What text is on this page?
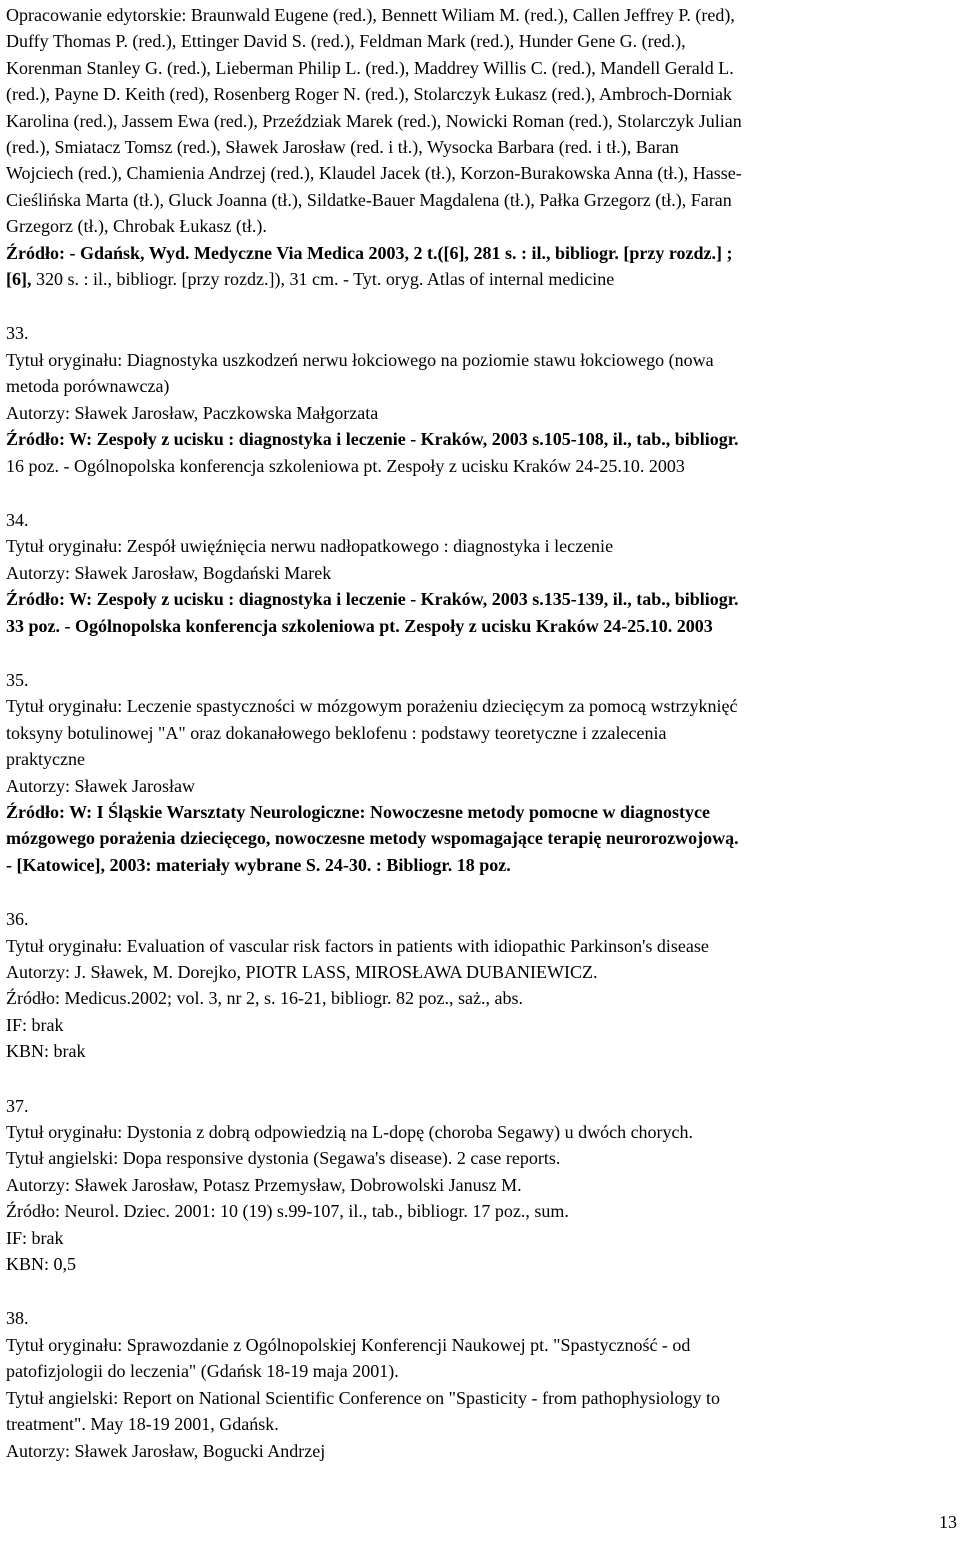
Opracowanie edytorskie: Braunwald Eugene (red.), Bennett Wiliam M. (red.), Callen Jeffrey P. (red),
Duffy Thomas P. (red.), Ettinger David S. (red.), Feldman Mark (red.), Hunder Gene G. (red.),
Korenman Stanley G. (red.), Lieberman Philip L. (red.), Maddrey Willis C. (red.), Mandell Gerald L.
(red.), Payne D. Keith (red), Rosenberg Roger N. (red.), Stolarczyk Łukasz (red.), Ambroch-Dorniak
Karolina (red.), Jassem Ewa (red.), Przeździak Marek (red.), Nowicki Roman (red.), Stolarczyk Julian
(red.), Smiatacz Tomsz (red.), Sławek Jarosław (red. i tł.), Wysocka Barbara (red. i tł.), Baran
Wojciech (red.), Chamienia Andrzej (red.), Klaudel Jacek (tł.), Korzon-Burakowska Anna (tł.), Hasse-
Cieślińska Marta (tł.), Gluck Joanna (tł.), Sildatke-Bauer Magdalena (tł.), Pałka Grzegorz (tł.), Faran
Grzegorz (tł.), Chrobak Łukasz (tł.).
Źródło: - Gdańsk, Wyd. Medyczne Via Medica 2003, 2 t.([6], 281 s. : il., bibliogr. [przy rozdz.] ;
[6], 320 s. : il., bibliogr. [przy rozdz.]), 31 cm. - Tyt. oryg. Atlas of internal medicine
33.
Tytuł oryginału: Diagnostyka uszkodzeń nerwu łokciowego na poziomie stawu łokciowego (nowa
metoda porównawcza)
Autorzy: Sławek Jarosław, Paczkowska Małgorzata
Źródło: W: Zespoły z ucisku : diagnostyka i leczenie - Kraków, 2003 s.105-108, il., tab., bibliogr.
16 poz. - Ogólnopolska konferencja szkoleniowa pt. Zespoły z ucisku Kraków 24-25.10. 2003
34.
Tytuł oryginału: Zespół uwięźnięcia nerwu nadłopatkowego : diagnostyka i leczenie
Autorzy: Sławek Jarosław, Bogdański Marek
Źródło: W: Zespoły z ucisku : diagnostyka i leczenie - Kraków, 2003 s.135-139, il., tab., bibliogr.
33 poz. - Ogólnopolska konferencja szkoleniowa pt. Zespoły z ucisku Kraków 24-25.10. 2003
35.
Tytuł oryginału: Leczenie spastyczności w mózgowym porażeniu dziecięcym za pomocą wstrzyknięć
toksyny botulinowej "A" oraz dokanałowego beklofenu : podstawy teoretyczne i zzalecenia
praktyczne
Autorzy: Sławek Jarosław
Źródło: W: I Śląskie Warsztaty Neurologiczne: Nowoczesne metody pomocne w diagnostyce
mózgowego porażenia dziecięcego, nowoczesne metody wspomagające terapię neurorozwojową.
- [Katowice], 2003: materiały wybrane S. 24-30. : Bibliogr. 18 poz.
36.
Tytuł oryginału: Evaluation of vascular risk factors in patients with idiopathic Parkinson's disease
Autorzy: J. Sławek, M. Dorejko, PIOTR LASS, MIROSŁAWA DUBANIEWICZ.
Źródło: Medicus.2002; vol. 3, nr 2, s. 16-21, bibliogr. 82 poz., saż., abs.
IF: brak
KBN: brak
37.
Tytuł oryginału: Dystonia z dobrą odpowiedzią na L-dopę (choroba Segawy) u dwóch chorych.
Tytuł angielski: Dopa responsive dystonia (Segawa's disease). 2 case reports.
Autorzy: Sławek Jarosław, Potasz Przemysław, Dobrowolski Janusz M.
Źródło: Neurol. Dziec. 2001: 10 (19) s.99-107, il., tab., bibliogr. 17 poz., sum.
IF: brak
KBN: 0,5
38.
Tytuł oryginału: Sprawozdanie z Ogólnopolskiej Konferencji Naukowej pt. "Spastyczność - od
patofizjologii do leczenia" (Gdańsk 18-19 maja 2001).
Tytuł angielski: Report on National Scientific Conference on "Spasticity - from pathophysiology to
treatment". May 18-19 2001, Gdańsk.
Autorzy: Sławek Jarosław, Bogucki Andrzej
13
